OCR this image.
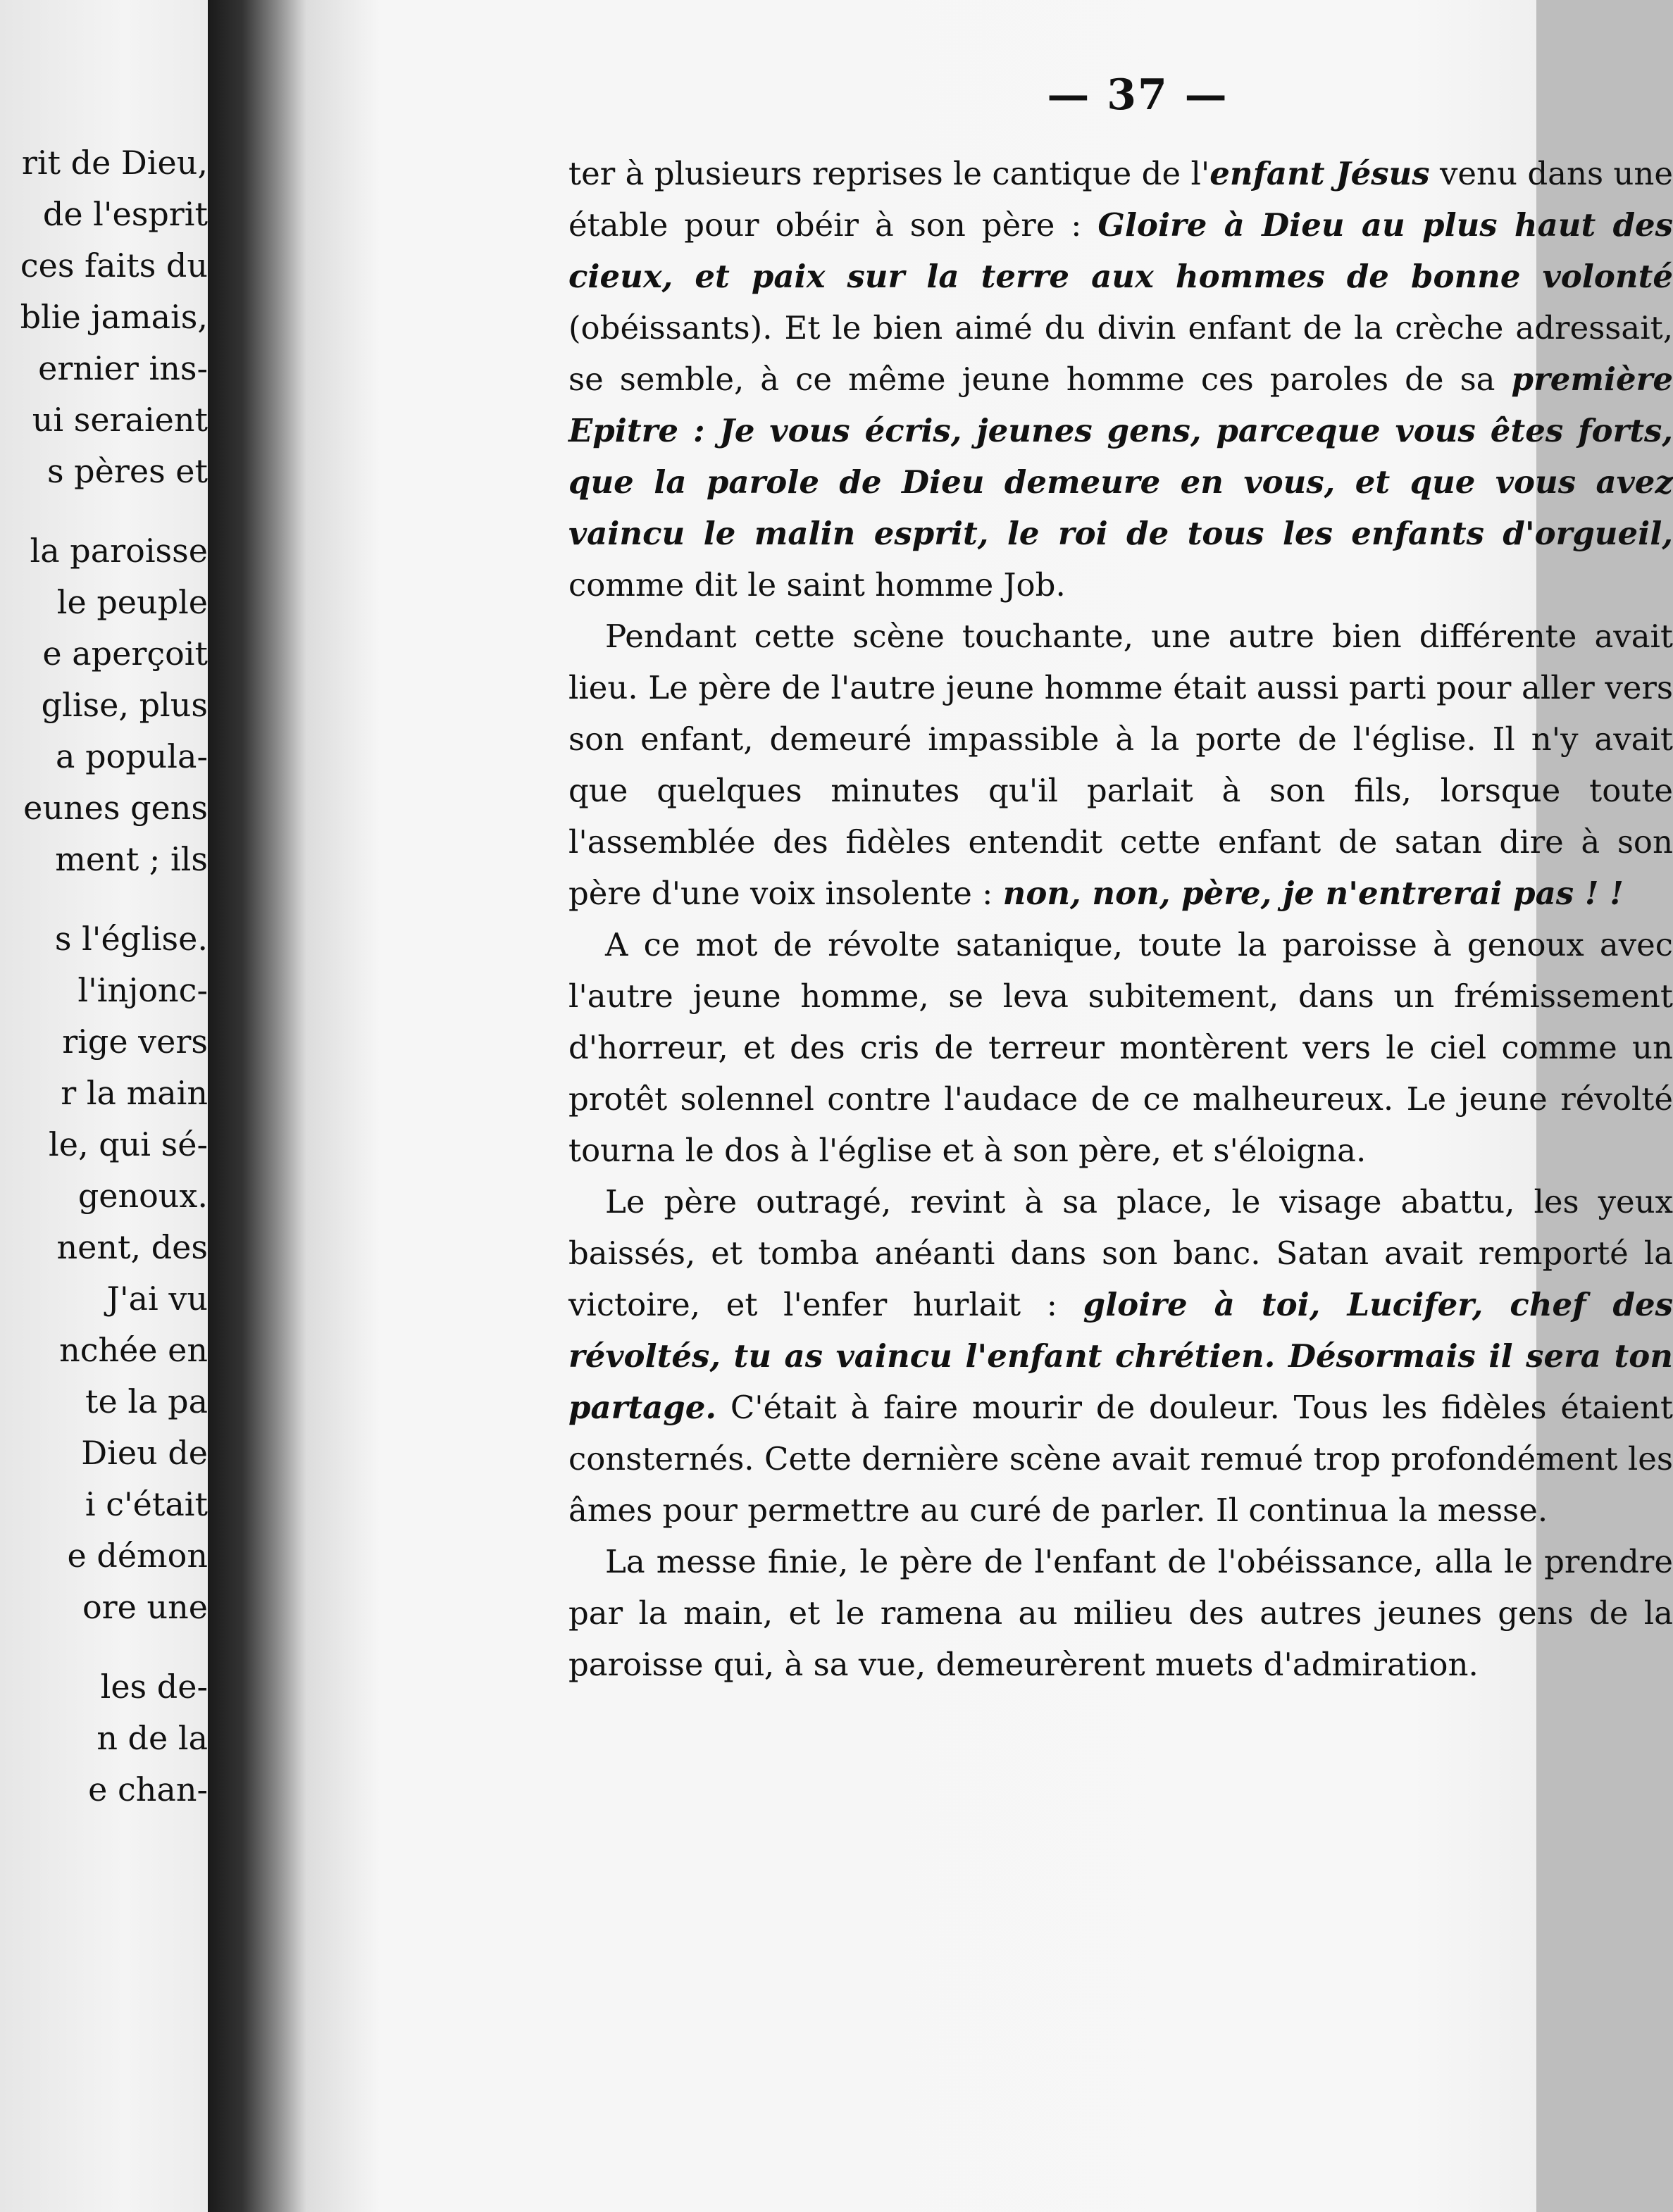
rit de Dieu,
de l'esprit
ces faits du
blie jamais,
ernier ins-
ui seraient
s pères et
la paroisse
le peuple
e aperçoit
glise, plus
a popula-
eunes gens
ment ; ils
s l'église.
l'injonc-
rige vers
r la main
le, qui sé-
genoux.
nent, des
J'ai vu
nchée en
te la pa
Dieu de
i c'était
e démon
ore une
les de-
n de la
e chan-
— 37 —

ter à plusieurs reprises le cantique de l'enfant Jésus venu dans une étable pour obéir à son père : Gloire à Dieu au plus haut des cieux, et paix sur la terre aux hommes de bonne volonté (obéissants). Et le bien aimé du divin enfant de la crèche adressait, se semble, à ce même jeune homme ces paroles de sa première Epitre : Je vous écris, jeunes gens, parceque vous êtes forts, que la parole de Dieu demeure en vous, et que vous avez vaincu le malin esprit, le roi de tous les enfants d'orgueil, comme dit le saint homme Job.

Pendant cette scène touchante, une autre bien différente avait lieu. Le père de l'autre jeune homme était aussi parti pour aller vers son enfant, demeuré impassible à la porte de l'église. Il n'y avait que quelques minutes qu'il parlait à son fils, lorsque toute l'assemblée des fidèles entendit cette enfant de satan dire à son père d'une voix insolente : non, non, père, je n'entrerai pas ! !

A ce mot de révolte satanique, toute la paroisse à genoux avec l'autre jeune homme, se leva subitement, dans un frémissement d'horreur, et des cris de terreur montèrent vers le ciel comme un protêt solennel contre l'audace de ce malheureux. Le jeune révolté tourna le dos à l'église et à son père, et s'éloigna.

Le père outragé, revint à sa place, le visage abattu, les yeux baissés, et tomba anéanti dans son banc. Satan avait remporté la victoire, et l'enfer hurlait : gloire à toi, Lucifer, chef des révoltés, tu as vaincu l'enfant chrétien. Désormais il sera ton partage. C'était à faire mourir de douleur. Tous les fidèles étaient consternés. Cette dernière scène avait remué trop profondément les âmes pour permettre au curé de parler. Il continua la messe.

La messe finie, le père de l'enfant de l'obéissance, alla le prendre par la main, et le ramena au milieu des autres jeunes gens de la paroisse qui, à sa vue, demeurèrent muets d'admiration.
